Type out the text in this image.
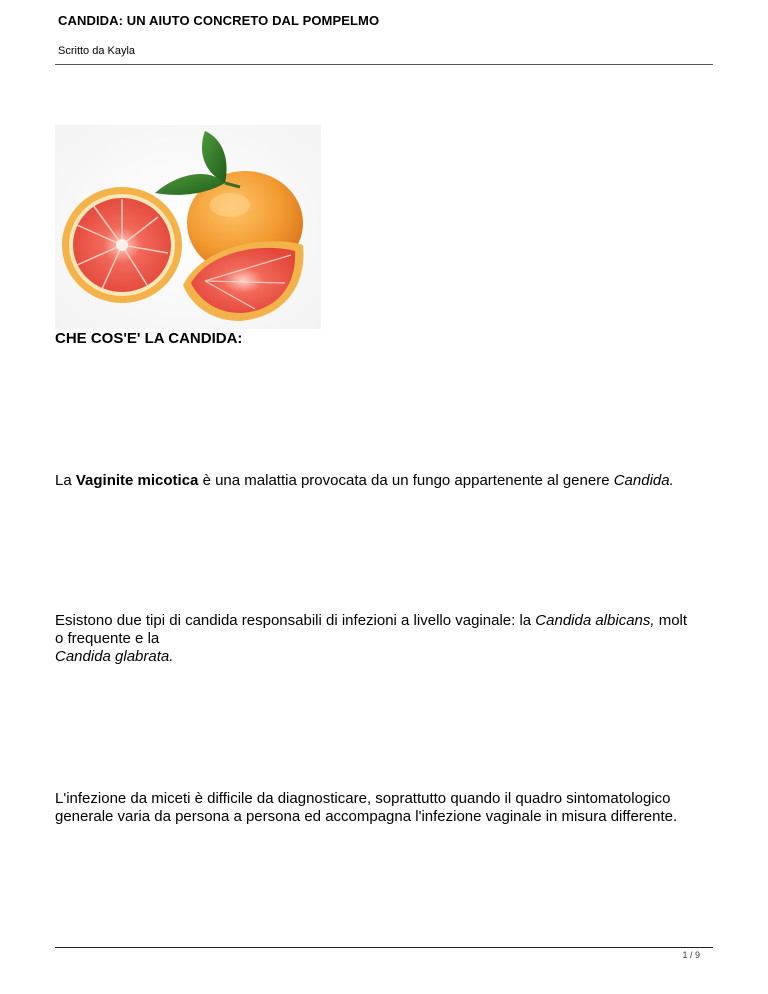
CANDIDA: UN AIUTO CONCRETO DAL POMPELMO
Scritto da Kayla
CHE COS'E' LA CANDIDA:
La Vaginite micotica è una malattia provocata da un fungo appartenente al genere Candida.
Esistono due tipi di candida responsabili di infezioni a livello vaginale: la Candida albicans, molt
o frequente e la
Candida glabrata.
L'infezione da miceti è difficile da diagnosticare, soprattutto quando il quadro sintomatologico
generale varia da persona a persona ed accompagna l'infezione vaginale in misura differente.
1 / 9
